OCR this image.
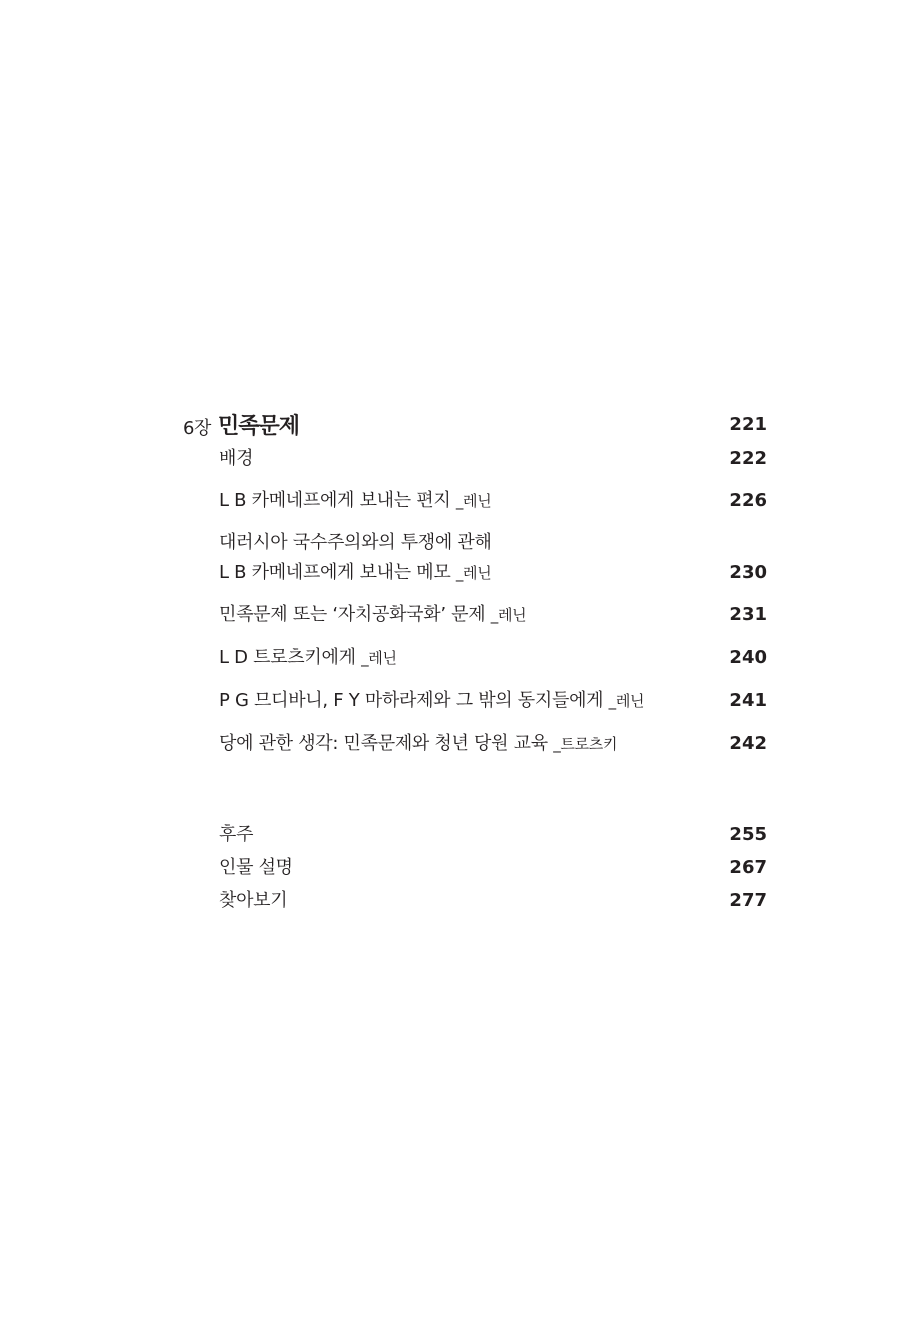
6장 민족문제	221
배경	222
L B 카메네프에게 보내는 편지 _레닌	226
대러시아 국수주의와의 투쟁에 관해
L B 카메네프에게 보내는 메모 _레닌	230
민족문제 또는 ‘자치공화국화’ 문제 _레닌	231
L D 트로츠키에게 _레닌	240
P G 므디바니, F Y 마하라제와 그 밖의 동지들에게 _레닌	241
당에 관한 생각: 민족문제와 청년 당원 교육 _트로츠키	242
후주	255
인물 설명	267
찾아보기	277
